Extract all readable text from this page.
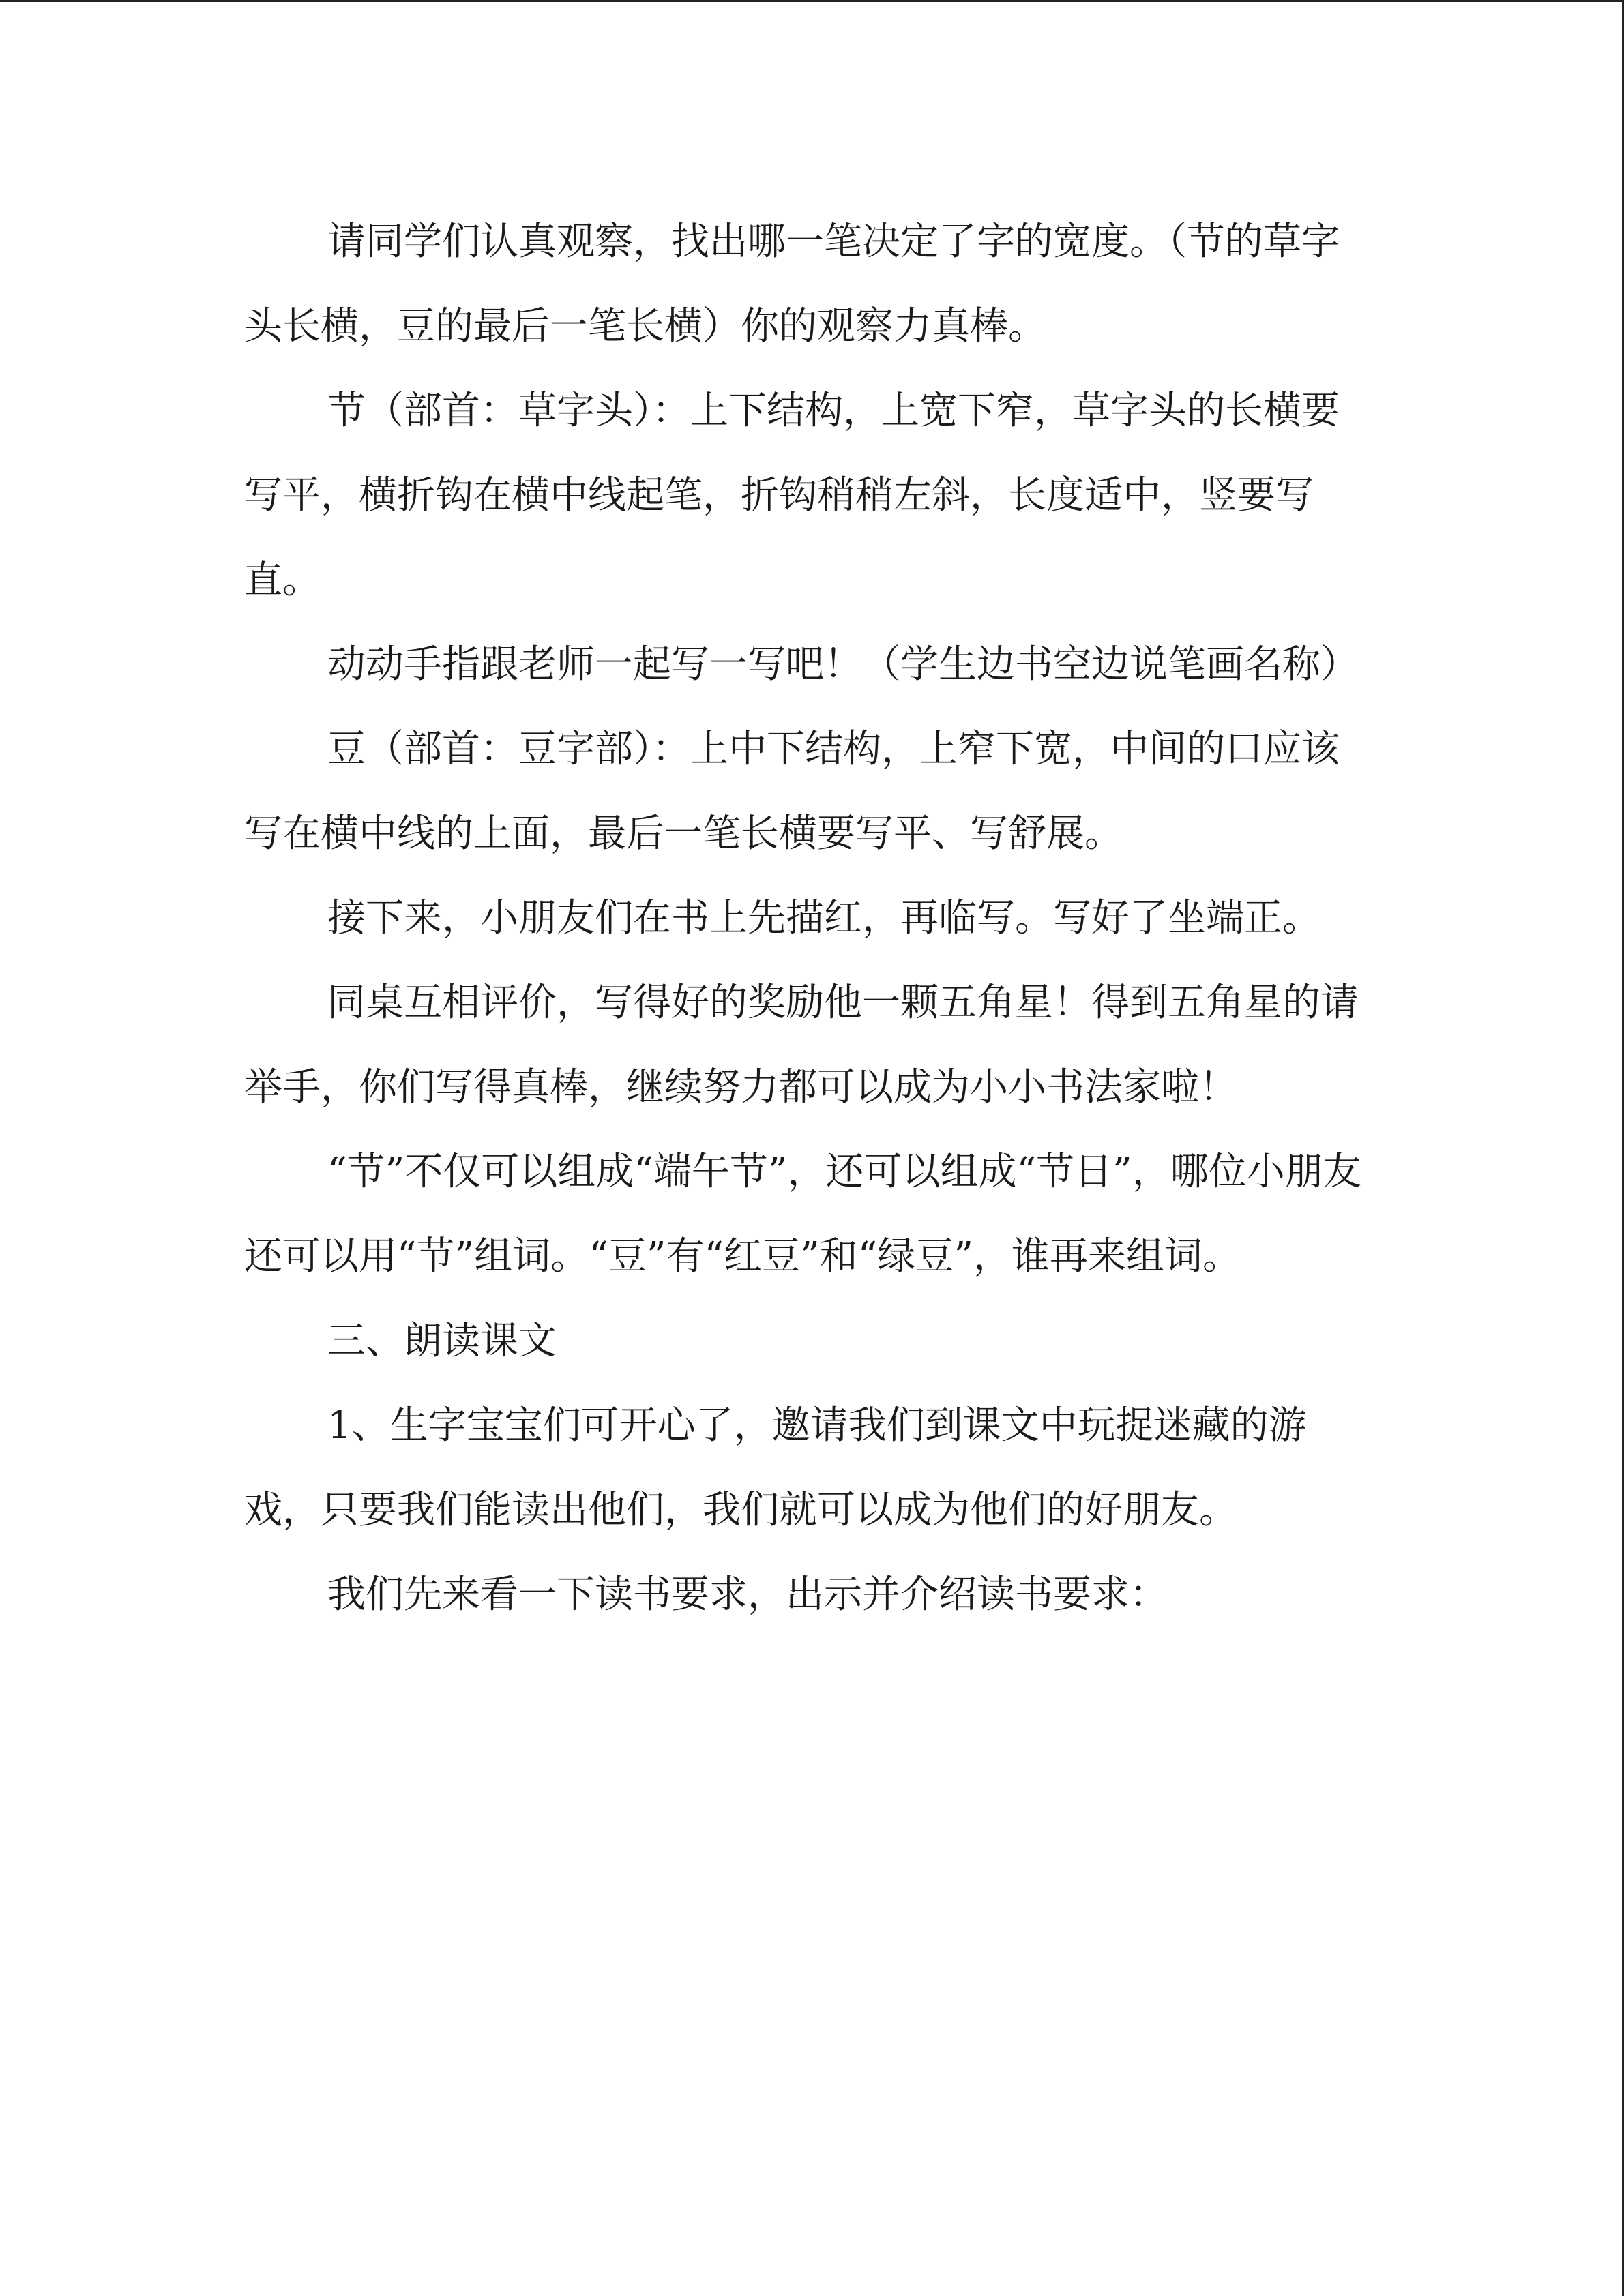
请同学们认真观察，找出哪一笔决定了字的宽度。（节的草字头长横，豆的最后一笔长横）你的观察力真棒。

节（部首：草字头）：上下结构，上宽下窄，草字头的长横要写平，横折钩在横中线起笔，折钩稍稍左斜，长度适中，竖要写直。

动动手指跟老师一起写一写吧！（学生边书空边说笔画名称）

豆（部首：豆字部）：上中下结构，上窄下宽，中间的口应该写在横中线的上面，最后一笔长横要写平、写舒展。

接下来，小朋友们在书上先描红，再临写。写好了坐端正。

同桌互相评价，写得好的奖励他一颗五角星！得到五角星的请举手，你们写得真棒，继续努力都可以成为小小书法家啦！

“节”不仅可以组成“端午节”，还可以组成“节日”，哪位小朋友还可以用“节”组词。“豆”有“红豆”和“绿豆”，谁再来组词。

三、朗读课文

1、生字宝宝们可开心了，邀请我们到课文中玩捉迷藏的游戏，只要我们能读出他们，我们就可以成为他们的好朋友。

我们先来看一下读书要求，出示并介绍读书要求：
